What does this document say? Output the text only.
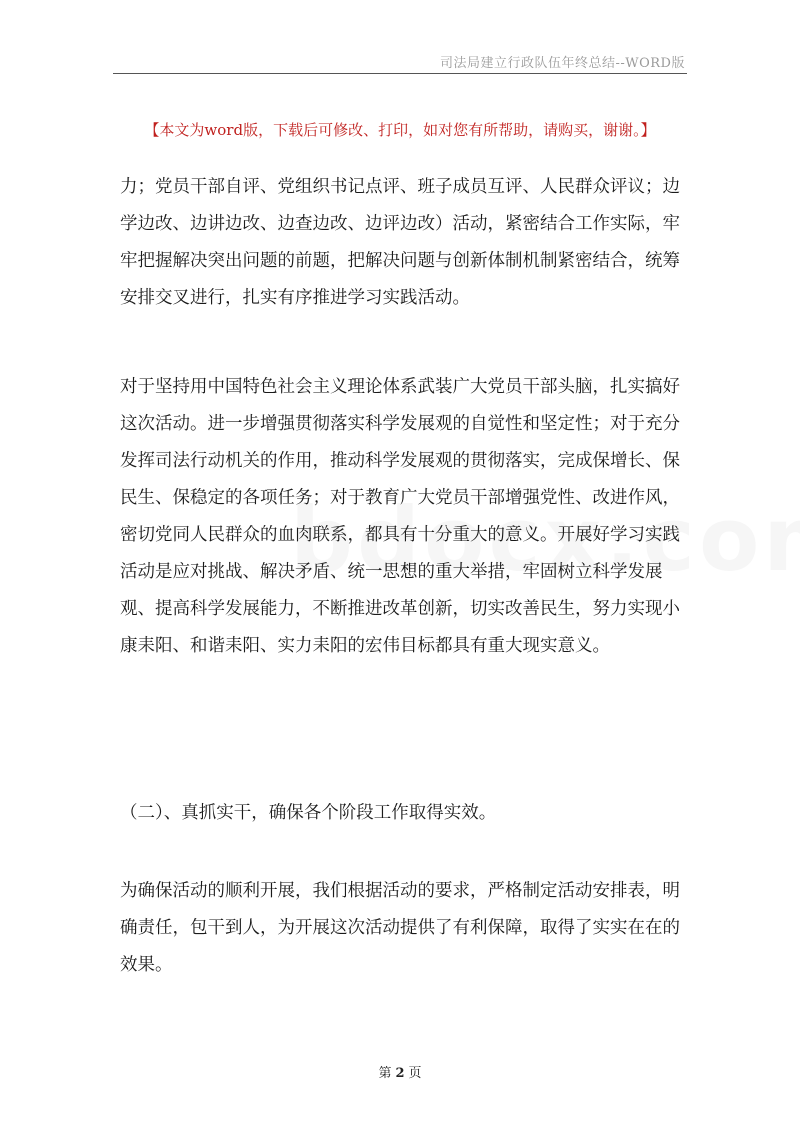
司法局建立行政队伍年终总结--WORD版
【本文为word版，下载后可修改、打印，如对您有所帮助，请购买，谢谢。】

力；党员干部自评、党组织书记点评、班子成员互评、人民群众评议；边学边改、边讲边改、边查边改、边评边改）活动，紧密结合工作实际，牢牢把握解决突出问题的前题，把解决问题与创新体制机制紧密结合，统筹安排交叉进行，扎实有序推进学习实践活动。

对于坚持用中国特色社会主义理论体系武装广大党员干部头脑，扎实搞好这次活动。进一步增强贯彻落实科学发展观的自觉性和坚定性；对于充分发挥司法行动机关的作用，推动科学发展观的贯彻落实，完成保增长、保民生、保稳定的各项任务；对于教育广大党员干部增强党性、改进作风，密切党同人民群众的血肉联系，都具有十分重大的意义。开展好学习实践活动是应对挑战、解决矛盾、统一思想的重大举措，牢固树立科学发展观、提高科学发展能力，不断推进改革创新，切实改善民生，努力实现小康耒阳、和谐耒阳、实力耒阳的宏伟目标都具有重大现实意义。

（二）、真抓实干，确保各个阶段工作取得实效。

为确保活动的顺利开展，我们根据活动的要求，严格制定活动安排表，明确责任，包干到人，为开展这次活动提供了有利保障，取得了实实在在的效果。

第 2 页
